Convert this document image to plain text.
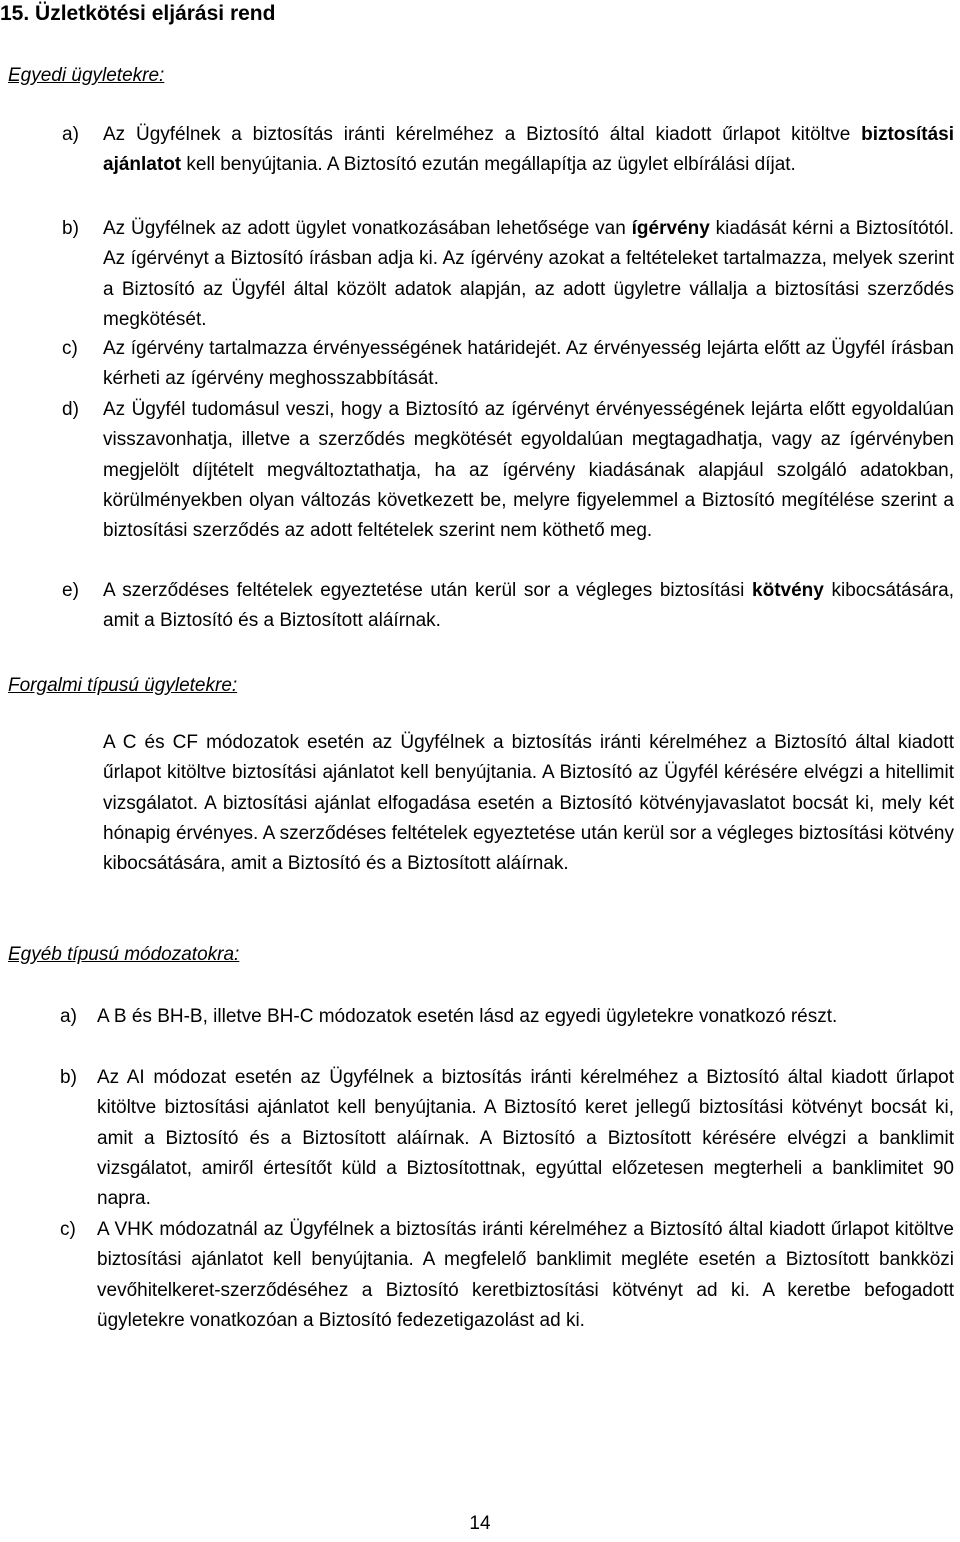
15. Üzletkötési eljárási rend
Egyedi ügyletekre:
a) Az Ügyfélnek a biztosítás iránti kérelméhez a Biztosító által kiadott űrlapot kitöltve biztosítási ajánlatot kell benyújtania. A Biztosító ezután megállapítja az ügylet elbírálási díjat.
b) Az Ügyfélnek az adott ügylet vonatkozásában lehetősége van ígérvény kiadását kérni a Biztosítótól. Az ígérvényt a Biztosító írásban adja ki. Az ígérvény azokat a feltételeket tartalmazza, melyek szerint a Biztosító az Ügyfél által közölt adatok alapján, az adott ügyletre vállalja a biztosítási szerződés megkötését.
c) Az ígérvény tartalmazza érvényességének határidejét. Az érvényesség lejárta előtt az Ügyfél írásban kérheti az ígérvény meghosszabbítását.
d) Az Ügyfél tudomásul veszi, hogy a Biztosító az ígérvényt érvényességének lejárta előtt egyoldalúan visszavonhatja, illetve a szerződés megkötését egyoldalúan megtagadhatja, vagy az ígérvényben megjelölt díjtételt megváltoztathatja, ha az ígérvény kiadásának alapjául szolgáló adatokban, körülményekben olyan változás következett be, melyre figyelemmel a Biztosító megítélése szerint a biztosítási szerződés az adott feltételek szerint nem köthető meg.
e) A szerződéses feltételek egyeztetése után kerül sor a végleges biztosítási kötvény kibocsátására, amit a Biztosító és a Biztosított aláírnak.
Forgalmi típusú ügyletekre:
A C és CF módozatok esetén az Ügyfélnek a biztosítás iránti kérelméhez a Biztosító által kiadott űrlapot kitöltve biztosítási ajánlatot kell benyújtania. A Biztosító az Ügyfél kérésére elvégzi a hitellimit vizsgálatot. A biztosítási ajánlat elfogadása esetén a Biztosító kötvényjavaslatot bocsát ki, mely két hónapig érvényes. A szerződéses feltételek egyeztetése után kerül sor a végleges biztosítási kötvény kibocsátására, amit a Biztosító és a Biztosított aláírnak.
Egyéb típusú módozatokra:
a) A B és BH-B, illetve BH-C módozatok esetén lásd az egyedi ügyletekre vonatkozó részt.
b) Az AI módozat esetén az Ügyfélnek a biztosítás iránti kérelméhez a Biztosító által kiadott űrlapot kitöltve biztosítási ajánlatot kell benyújtania. A Biztosító keret jellegű biztosítási kötvényt bocsát ki, amit a Biztosító és a Biztosított aláírnak. A Biztosító a Biztosított kérésére elvégzi a banklimit vizsgálatot, amiről értesítőt küld a Biztosítottnak, egyúttal előzetesen megterheli a banklimitet 90 napra.
c) A VHK módozatnál az Ügyfélnek a biztosítás iránti kérelméhez a Biztosító által kiadott űrlapot kitöltve biztosítási ajánlatot kell benyújtania. A megfelelő banklimit megléte esetén a Biztosított bankközi vevőhitelkeret-szerződéséhez a Biztosító keretbiztosítási kötvényt ad ki. A keretbe befogadott ügyletekre vonatkozóan a Biztosító fedezetigazolást ad ki.
14
